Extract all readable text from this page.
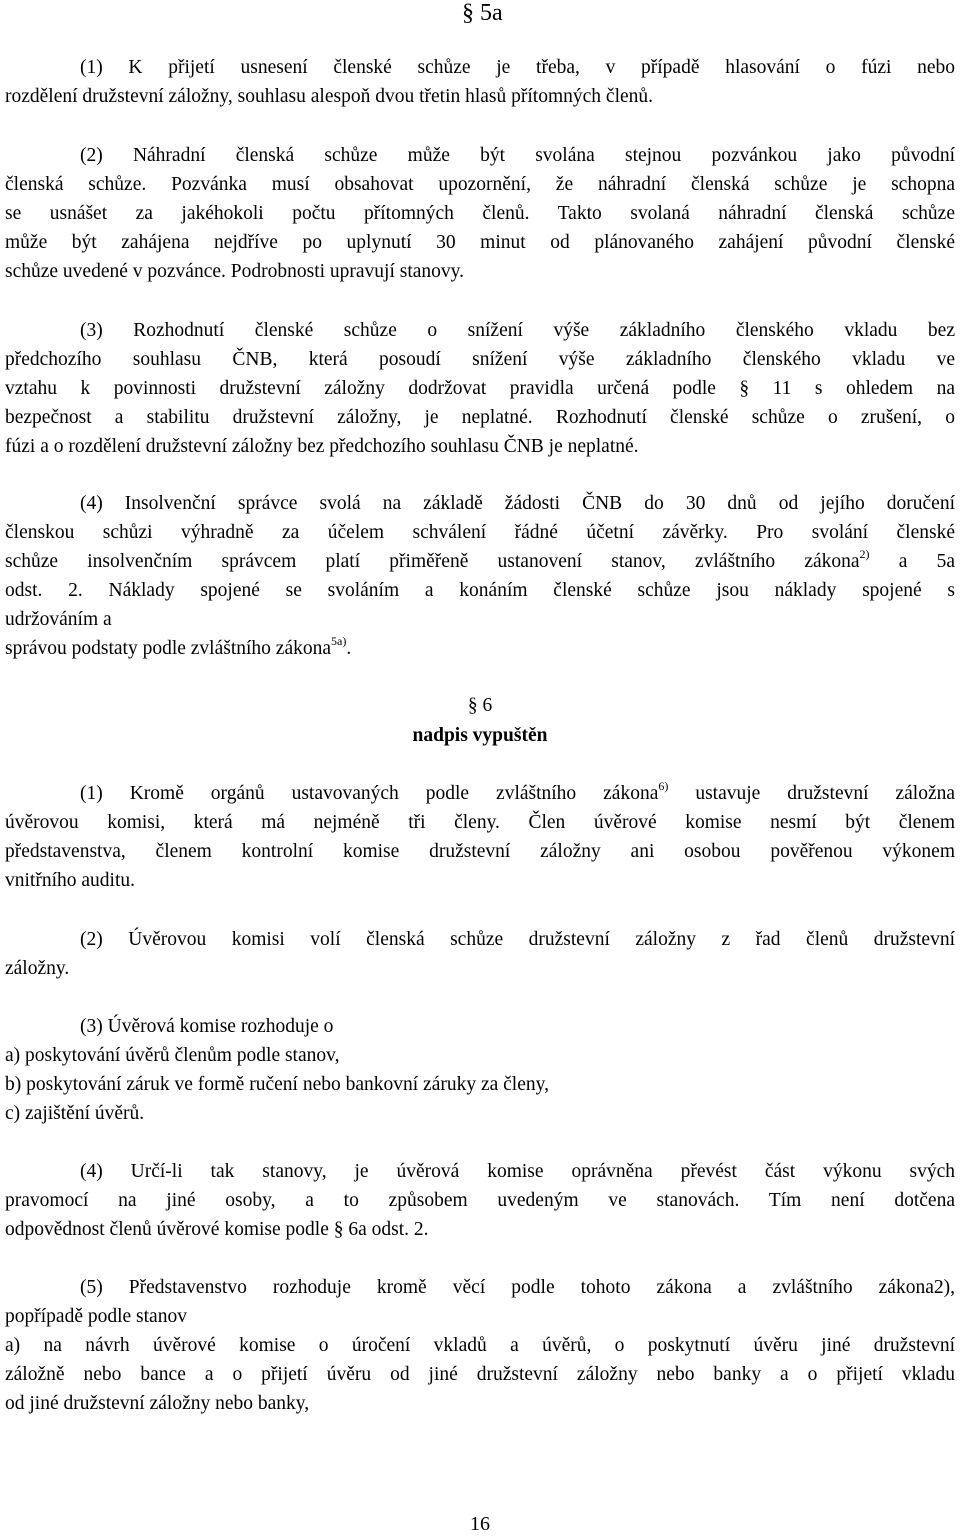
§ 5a

(1) K přijetí usnesení členské schůze je třeba, v případě hlasování o fúzi nebo

rozdělení družstevní záložny, souhlasu alespoň dvou třetin hlasů přítomných členů.

(2) Náhradní členská schůze může být svolána stejnou pozvánkou jako původní

členská schůze. Pozvánka musí obsahovat upozornění, že náhradní členská schůze je schopna

se usnášet za jakéhokoli počtu přítomných členů. Takto svolaná náhradní členská schůze

může být zahájena nejdříve po uplynutí 30 minut od plánovaného zahájení původní členské

schůze uvedené v pozvánce. Podrobnosti upravují stanovy.

(3) Rozhodnutí členské schůze o snížení výše základního členského vkladu bez

předchozího souhlasu ČNB, která posoudí snížení výše základního členského vkladu ve

vztahu k povinnosti družstevní záložny dodržovat pravidla určená podle § 11 s ohledem na

bezpečnost a stabilitu družstevní záložny, je neplatné. Rozhodnutí členské schůze o zrušení, o

fúzi a o rozdělení družstevní záložny bez předchozího souhlasu ČNB je neplatné.

(4) Insolvenční správce svolá na základě žádosti ČNB do 30 dnů od jejího doručení

členskou schůzi výhradně za účelem schválení řádné účetní závěrky. Pro svolání členské

schůze insolvenčním správcem platí přiměřeně ustanovení stanov, zvláštního zákona$^{2)}$ a 5a

odst. 2. Náklady spojené se svoláním a konáním členské schůze jsou náklady spojené s

udržováním a

správou podstaty podle zvláštního zákona$^{5a)}$.

§ 6

nadpis vypuštěn

(1) Kromě orgánů ustavovaných podle zvláštního zákona$^{6)}$ ustavuje družstevní záložna

úvěrovou komisi, která má nejméně tři členy. Člen úvěrové komise nesmí být členem

představenstva, členem kontrolní komise družstevní záložny ani osobou pověřenou výkonem

vnitřního auditu.

(2) Úvěrovou komisi volí členská schůze družstevní záložny z řad členů družstevní

záložny.

(3) Úvěrová komise rozhoduje o

a) poskytování úvěrů členům podle stanov,

b) poskytování záruk ve formě ručení nebo bankovní záruky za členy,

c) zajištění úvěrů.

(4) Určí-li tak stanovy, je úvěrová komise oprávněna převést část výkonu svých

pravomocí na jiné osoby, a to způsobem uvedeným ve stanovách. Tím není dotčena

odpovědnost členů úvěrové komise podle § 6a odst. 2.

(5) Představenstvo rozhoduje kromě věcí podle tohoto zákona a zvláštního zákona2),

popřípadě podle stanov

a) na návrh úvěrové komise o úročení vkladů a úvěrů, o poskytnutí úvěru jiné družstevní

záložně nebo bance a o přijetí úvěru od jiné družstevní záložny nebo banky a o přijetí vkladu

od jiné družstevní záložny nebo banky,

16
